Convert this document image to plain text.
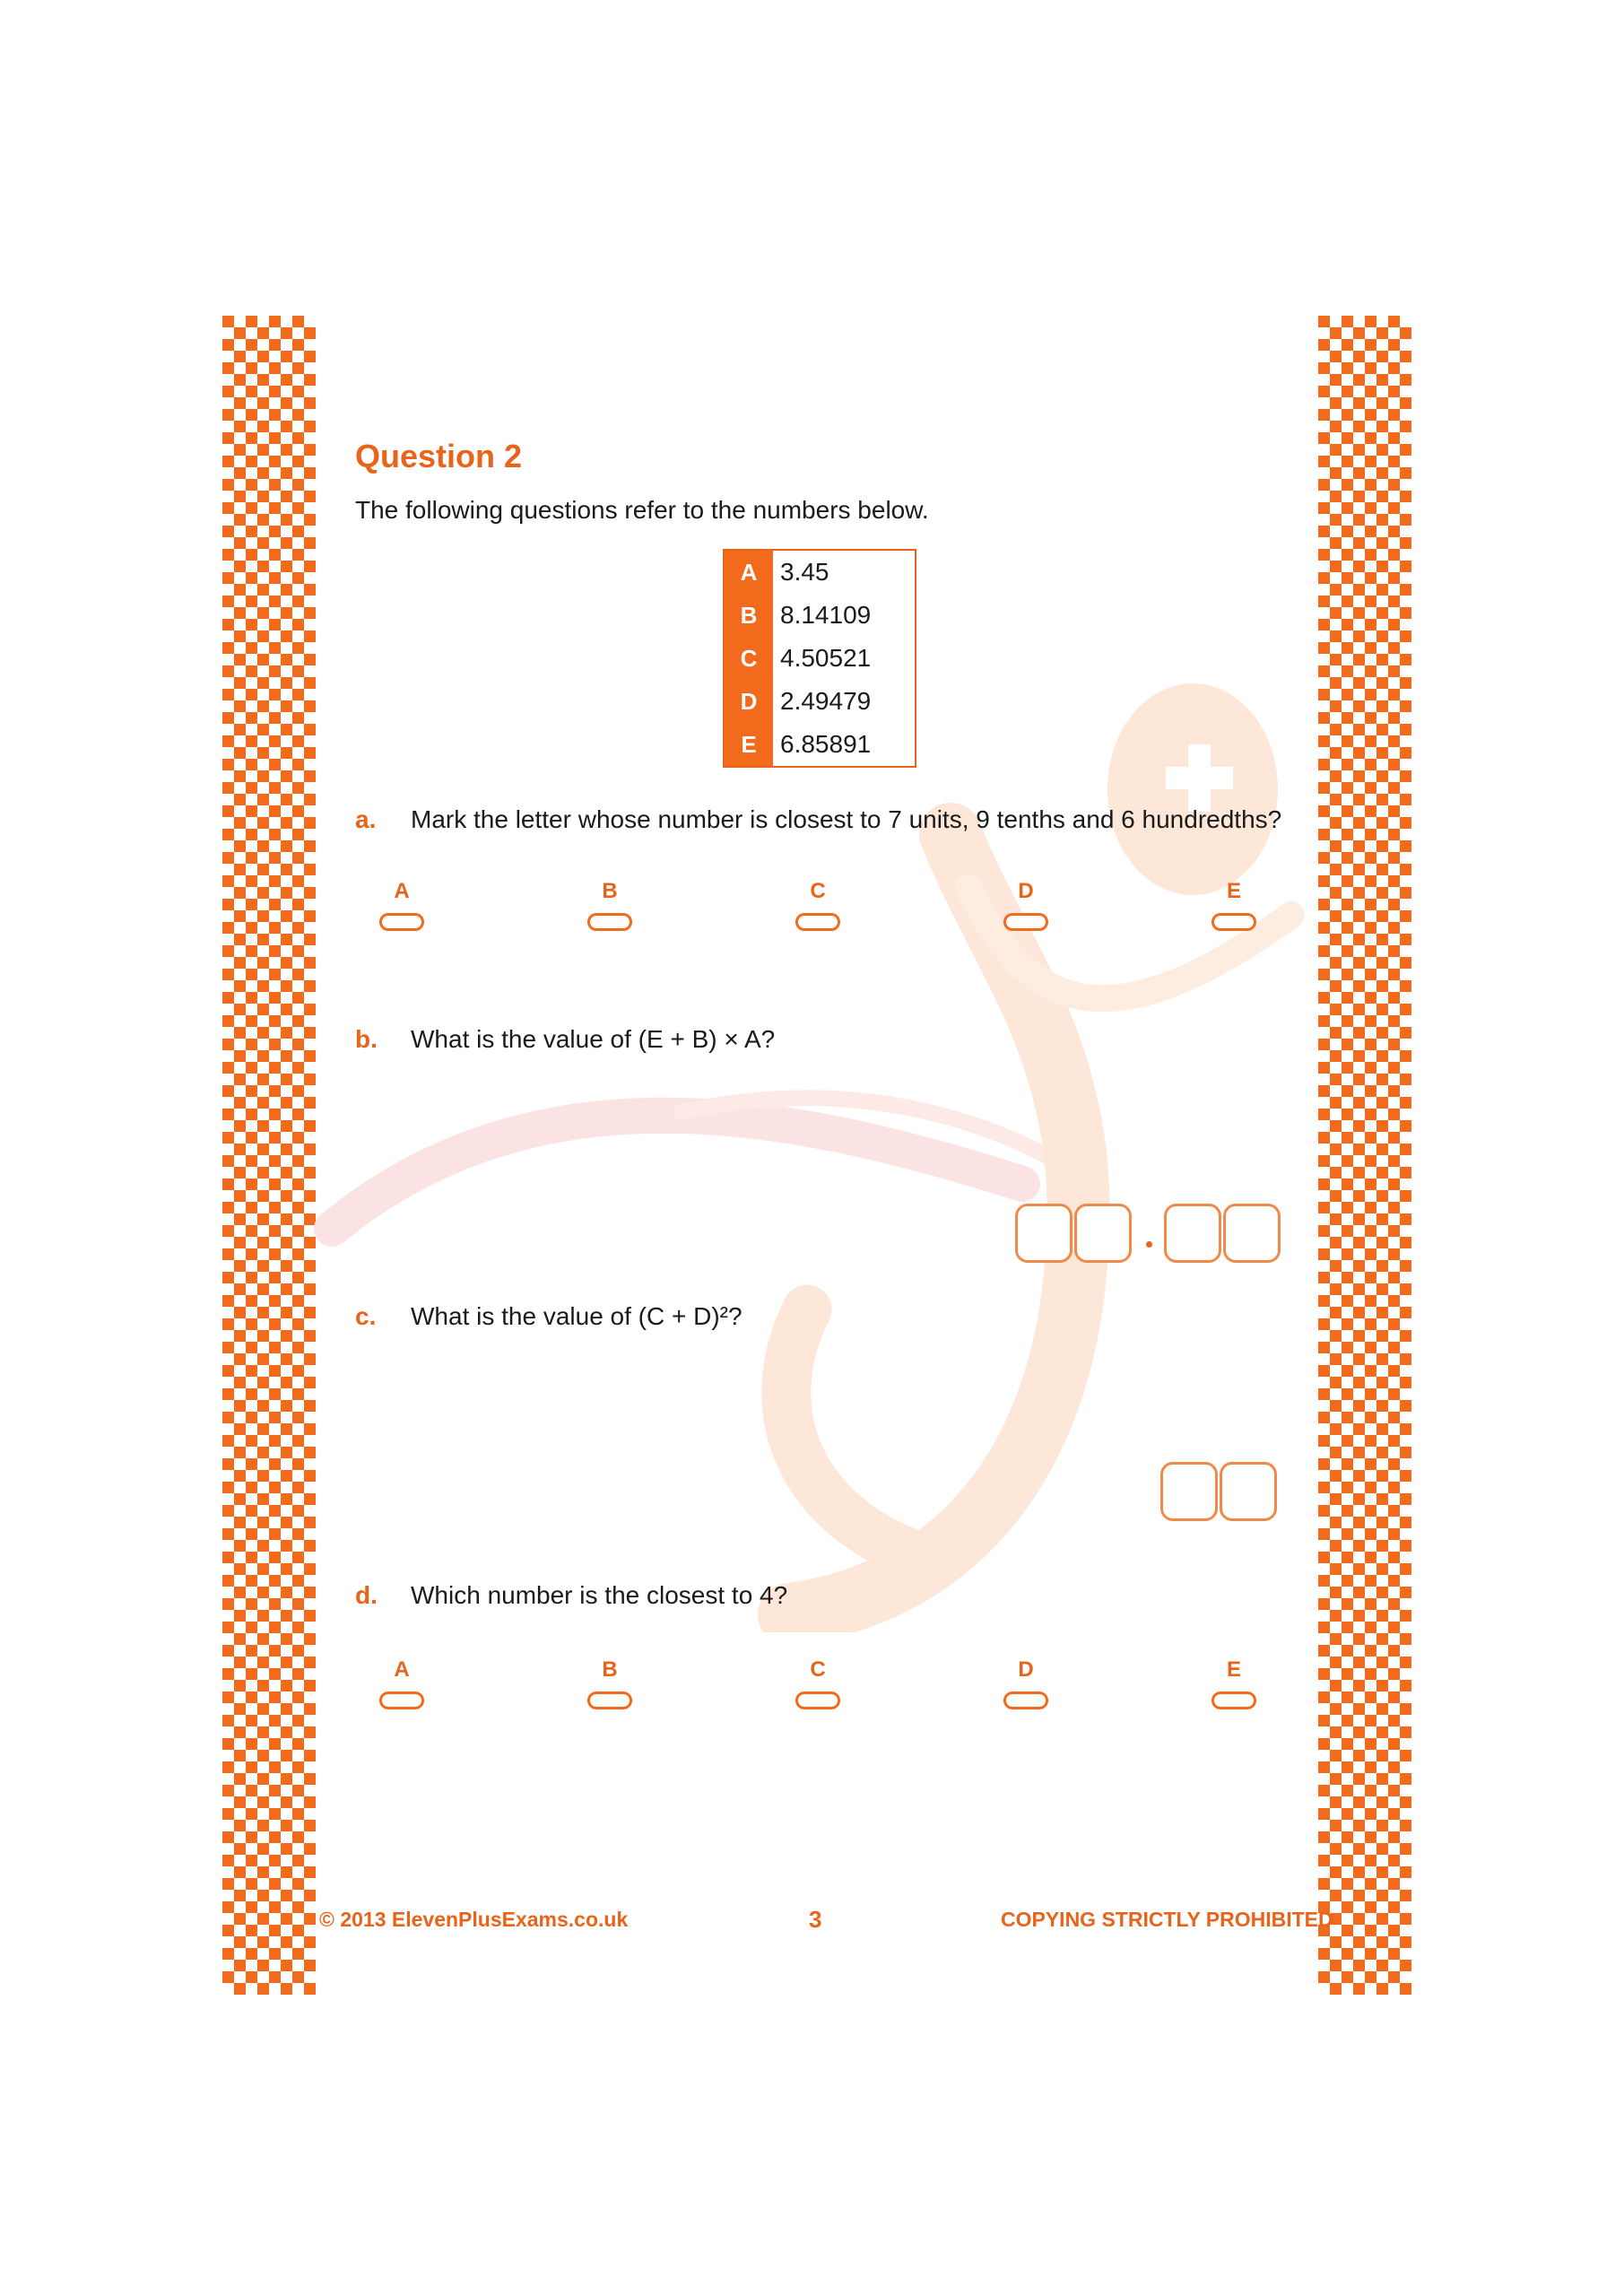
Question 2
The following questions refer to the numbers below.
A 3.45
B 8.14109
C 4.50521
D 2.49479
E 6.85891
a. Mark the letter whose number is closest to 7 units, 9 tenths and 6 hundredths?
A	B	C	D	E
b. What is the value of (E + B) × A?
c. What is the value of (C + D)²?
d. Which number is the closest to 4?
A	B	C	D	E
© 2013 ElevenPlusExams.co.uk	3	COPYING STRICTLY PROHIBITED
